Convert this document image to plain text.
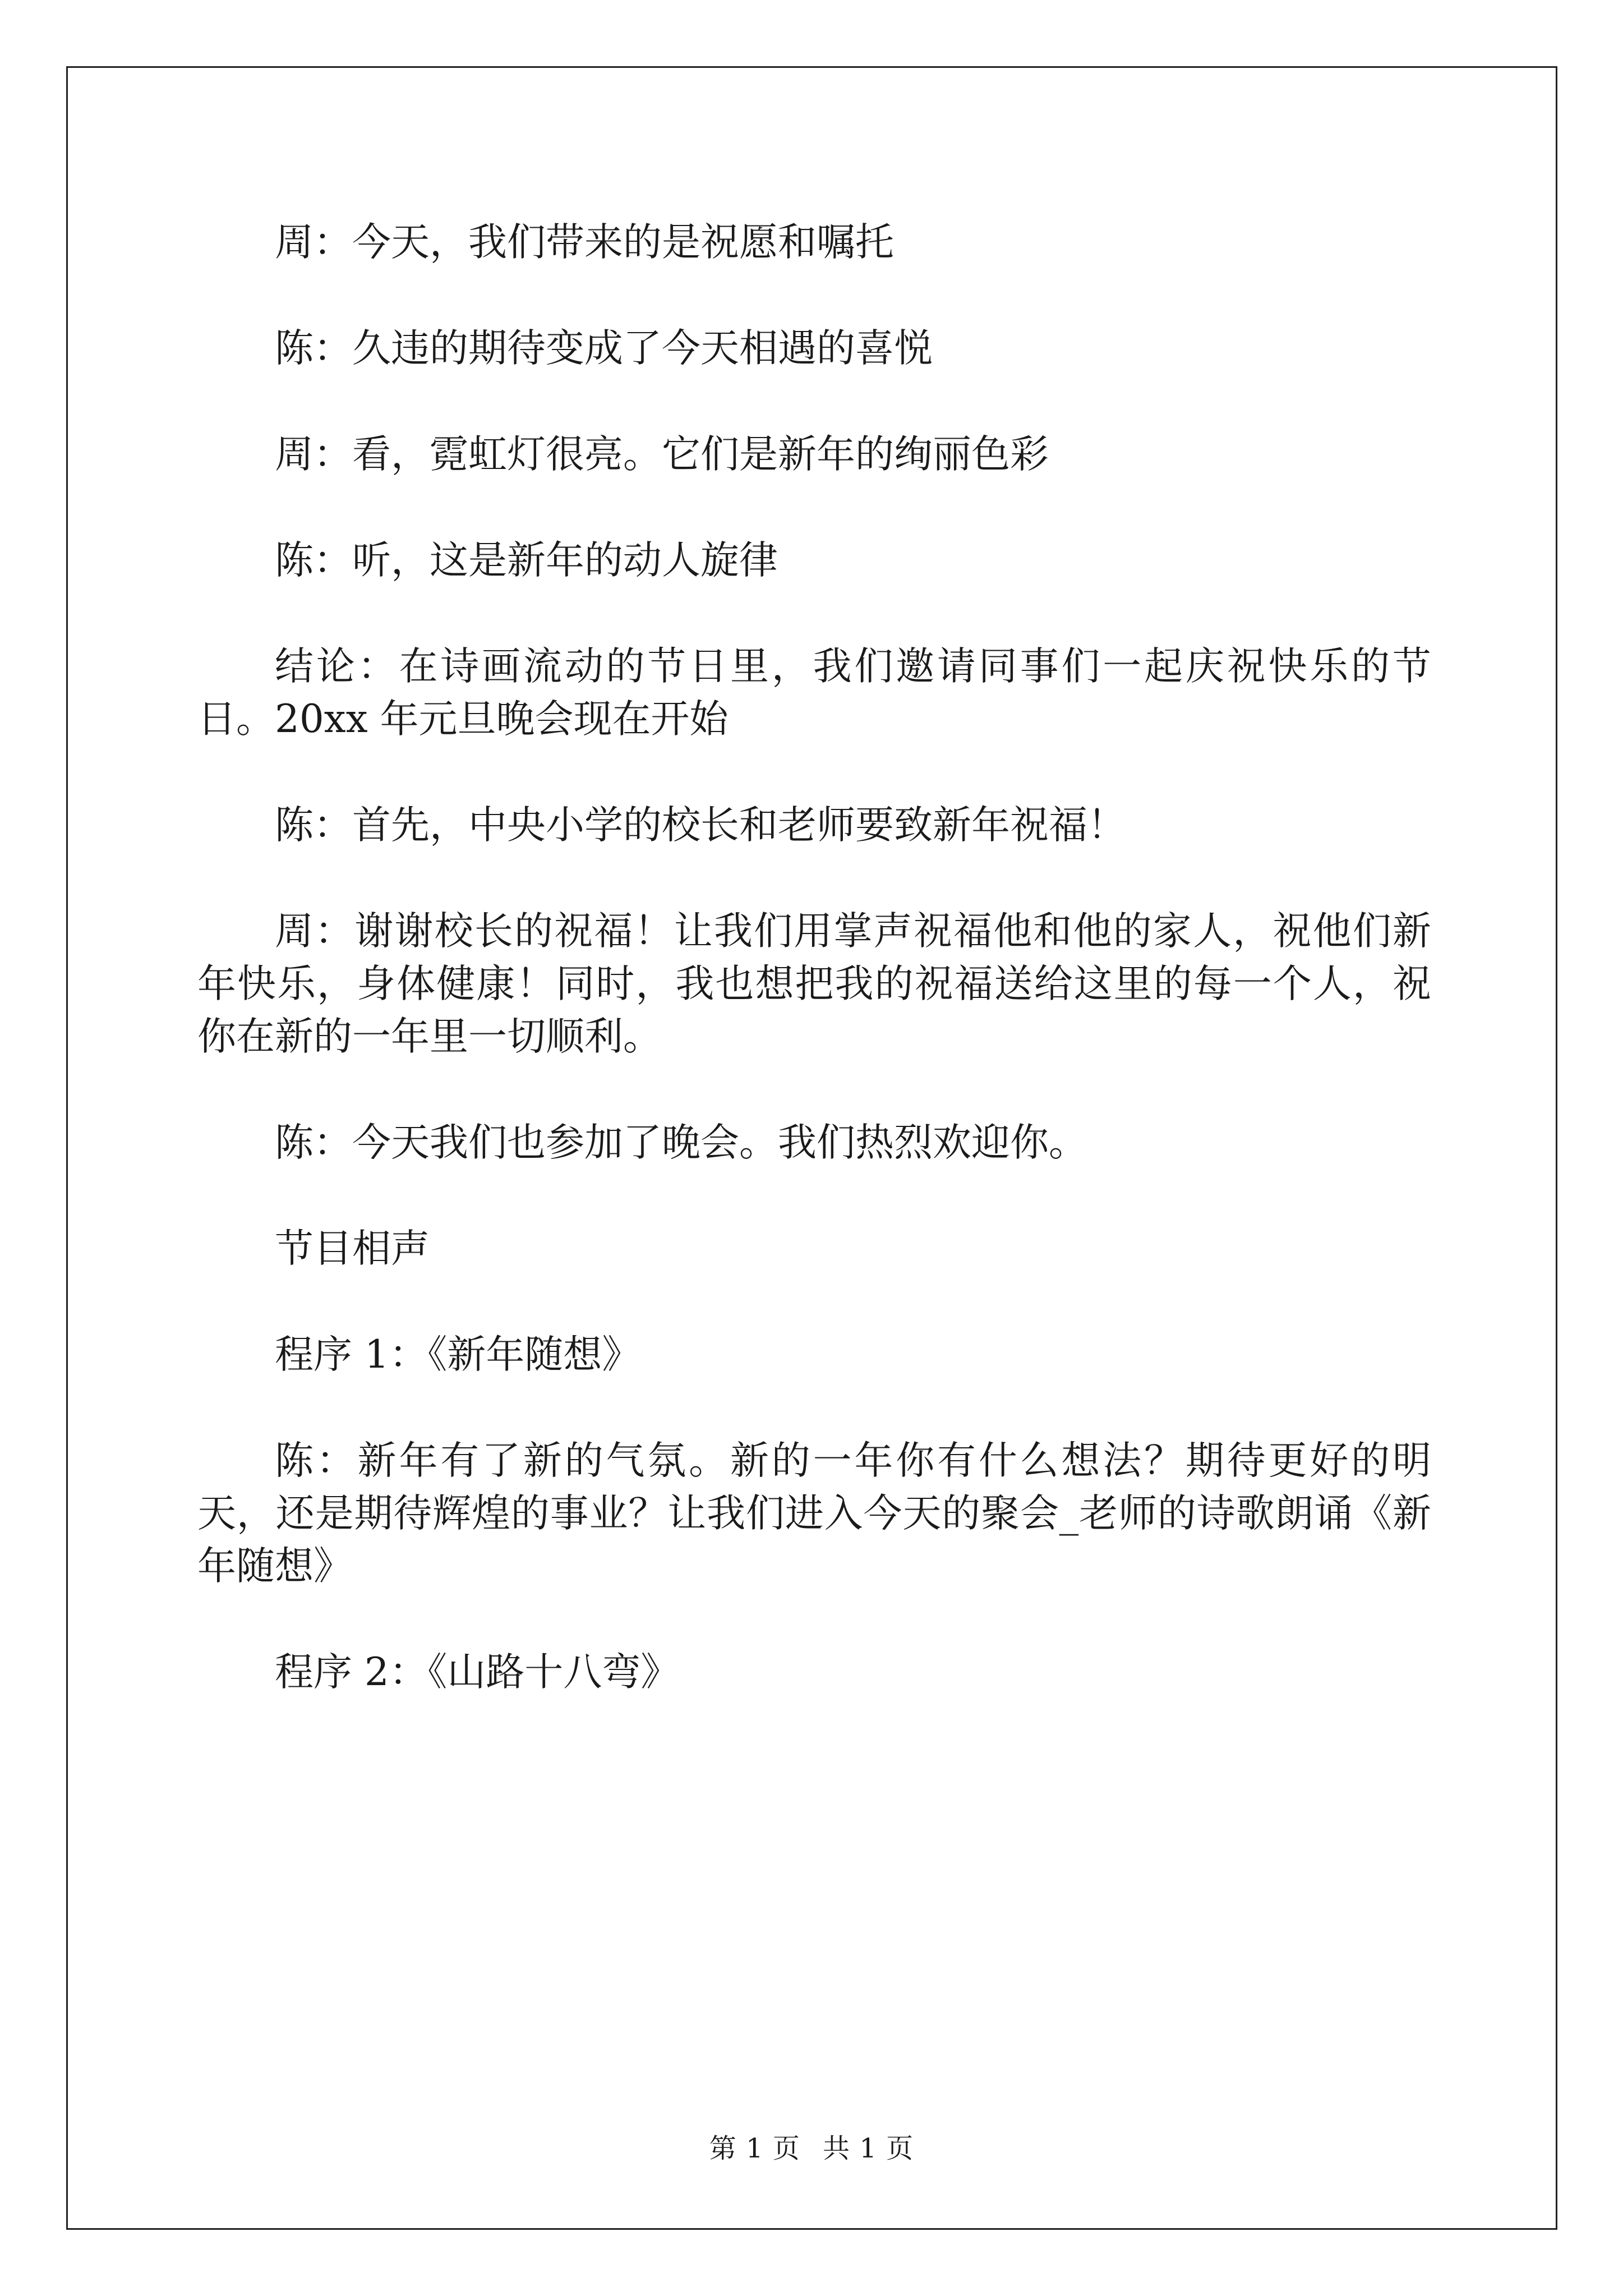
周：今天，我们带来的是祝愿和嘱托

陈：久违的期待变成了今天相遇的喜悦

周：看，霓虹灯很亮。它们是新年的绚丽色彩

陈：听，这是新年的动人旋律

结论：在诗画流动的节日里，我们邀请同事们一起庆祝快乐的节日。20xx 年元旦晚会现在开始

陈：首先，中央小学的校长和老师要致新年祝福！

周：谢谢校长的祝福！让我们用掌声祝福他和他的家人，祝他们新年快乐，身体健康！同时，我也想把我的祝福送给这里的每一个人，祝你在新的一年里一切顺利。

陈：今天我们也参加了晚会。我们热烈欢迎你。

节目相声

程序 1：《新年随想》

陈：新年有了新的气氛。新的一年你有什么想法？期待更好的明天，还是期待辉煌的事业？让我们进入今天的聚会_老师的诗歌朗诵《新年随想》

程序 2：《山路十八弯》

第 1 页 共 1 页
